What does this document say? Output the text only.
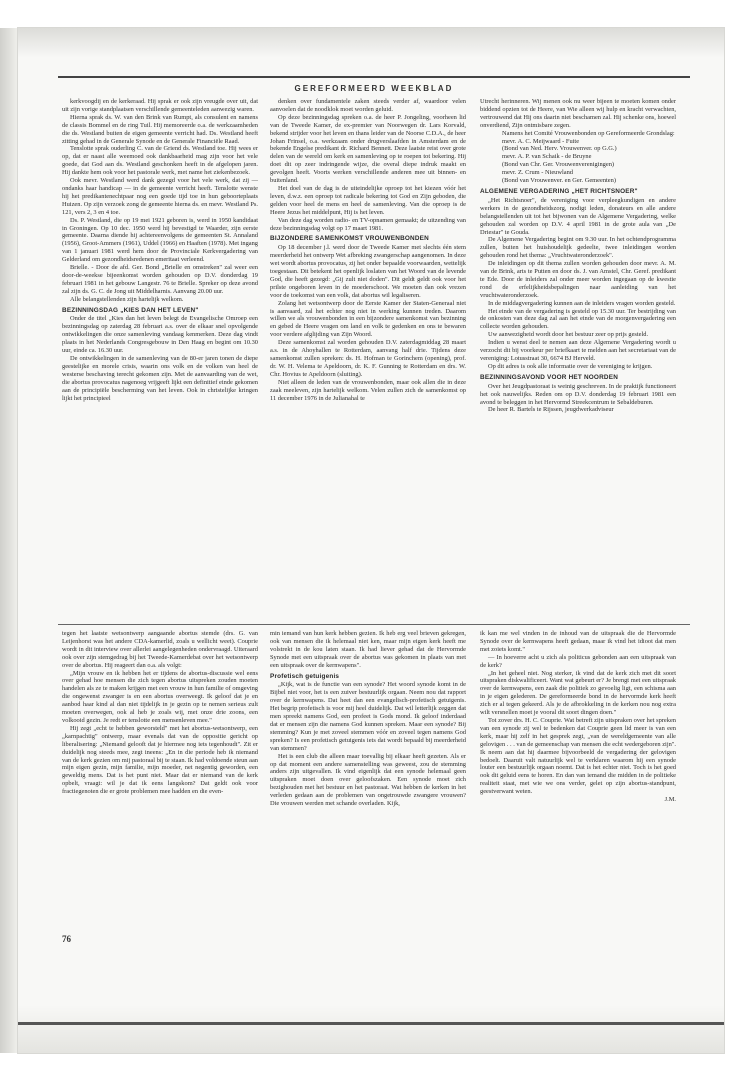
GEREFORMEERD WEEKBLAD

kerkvoogdij en de kerkeraad. Hij sprak er ook zijn vreugde over uit, dat uit zijn vorige standplaatsen verschillende gemeenteleden aanwezig waren.

Hierna sprak ds. W. van den Brink van Rumpt, als consulent en namens de classis Bommel en de ring Tuil. Hij memoreerde o.a. de werkzaamheden die ds. Westland buiten de eigen gemeente verricht had. Ds. Westland heeft zitting gehad in de Generale Synode en de Generale Financiële Raad.

Tenslotte sprak ouderling C. van de Griend ds. Westland toe. Hij wees er op, dat er naast alle weemoed ook dankbaarheid mag zijn voor het vele goede, dat God aan ds. Westland geschonken heeft in de afgelopen jaren. Hij dankte hem ook voor het pastorale werk, met name het ziekenbezoek.

Ook mevr. Westland werd dank gezegd voor het vele werk, dat zij — ondanks haar handicap — in de gemeente verricht heeft. Tenslotte wenste hij het predikantenechtpaar nog een goede tijd toe in hun geboorteplaats Huizen. Op zijn verzoek zong de gemeente hierna ds. en mevr. Westland Ps. 121, vers 2, 3 en 4 toe.

Ds. P. Westland, die op 19 mei 1921 geboren is, werd in 1950 kandidaat in Groningen. Op 10 dec. 1950 werd hij bevestigd te Waarder, zijn eerste gemeente. Daarna diende hij achtereenvolgens de gemeenten St. Annaland (1956), Groot-Ammers (1961), Uddel (1966) en Haaften (1978). Met ingang van 1 januari 1981 werd hem door de Provinciale Kerkvergadering van Gelderland om gezondheidsredenen emeritaat verleend.

Brielle. - Door de afd. Ger. Bond „Brielle en omstreken" zal weer een door-de-weekse bijeenkomst worden gehouden op D.V. donderdag 19 februari 1981 in het gebouw Langestr. 76 te Brielle. Spreker op deze avond zal zijn ds. G. C. de Jong uit Middelharnis. Aanvang 20.00 uur.

Alle belangstellenden zijn hartelijk welkom.

BEZINNINGSDAG „KIES DAN HET LEVEN"

Onder de titel „Kies dan het leven belegt de Evangelische Omroep een bezinningsdag op zaterdag 28 februari a.s. over de elkaar snel opvolgende ontwikkelingen die onze samenleving vandaag kenmerken. Deze dag vindt plaats in het Nederlands Congresgebouw in Den Haag en begint om 10.30 uur, einde ca. 16.30 uur.

De ontwikkelingen in de samenleving van de 80-er jaren tonen de diepe geestelijke en morele crisis, waarin ons volk en de volken van heel de westerse beschaving terecht gekomen zijn. Met de aanvaarding van de wet, die abortus provocatus nagenoeg vrijgeeft lijkt een definitief einde gekomen aan de principiële bescherming van het leven. Ook in christelijke kringen lijkt het principieel

denken over fundamentele zaken steeds verder af, waardoor velen aanvoelen dat de noodklok moet worden geluid.

Op deze bezinningsdag spreken o.a. de heer P. Jongeling, voorheen lid van de Tweede Kamer, de ex-premier van Noorwegen dr. Lars Korvald, bekend strijder voor het leven en thans leider van de Noorse C.D.A., de heer Johan Frinsel, o.a. werkzaam onder drugverslaafden in Amsterdam en de bekende Engelse predikant dr. Richard Bennett. Deze laatste reist over grote delen van de wereld om kerk en samenleving op te roepen tot bekering. Hij doet dit op zeer indringende wijze, die overal diepe indruk maakt en gevolgen heeft. Voorts werken verschillende anderen mee uit binnen- en buitenland.

Het doel van de dag is de uiteindelijke oproep tot het kiezen vóór het leven, d.w.z. een oproep tot radicale bekering tot God en Zijn geboden, die gelden voor heel de mens en heel de samenleving. Van die oproep is de Heere Jezus het middelpunt, Hij is het leven.

Van deze dag worden radio- en TV-opnamen gemaakt; de uitzending van deze bezinningsdag volgt op 17 maart 1981.

BIJZONDERE SAMENKOMST VROUWENBONDEN

Op 18 december j.l. werd door de Tweede Kamer met slechts één stem meerderheid het ontwerp Wet afbreking zwangerschap aangenomen. In deze wet wordt abortus provocatus, zij het onder bepaalde voorwaarden, wettelijk toegestaan. Dit betekent het openlijk loslaten van het Woord van de levende God, die heeft gezegd: „Gij zult niet doden". Dit geldt geldt ook voor het prilste ongeboren leven in de moederschoot. We moeten dan ook vrezen voor de toekomst van een volk, dat abortus wil legaliseren.

Zolang het wetsontwerp door de Eerste Kamer der Staten-Generaal niet is aanvaard, zal het echter nog niet in werking kunnen treden. Daarom willen we als vrouwenbonden in een bijzondere samenkomst van bezinning en gebed de Heere vragen om land en volk te gedenken en ons te bewaren voor verdere afglijding van Zijn Woord.

Deze samenkomst zal worden gehouden D.V. zaterdagmiddag 28 maart a.s. in de Ahoyhallen te Rotterdam, aanvang half drie. Tijdens deze samenkomst zullen spreken: ds. H. Hofman te Gorinchem (opening), prof. dr. W. H. Velema te Apeldoorn, dr. K. F. Gunning te Rotterdam en drs. W. Chr. Hovius te Apeldoorn (sluiting).

Niet alleen de leden van de vrouwenbonden, maar ook allen die in deze zaak meeleven, zijn hartelijk welkom. Velen zullen zich de samenkomst op 11 december 1976 in de Julianahal te

Utrecht herinneren. Wij menen ook nu weer bijeen te moeten komen onder biddend opzien tot de Heere, van Wie alleen wij hulp en kracht verwachten, vertrouwend dat Hij ons daarin niet beschamen zal. Hij schenke ons, hoewel onverdiend, Zijn ontmisbare zegen.

Namens het Comité Vrouwenbonden op Gereformeerde Grondslag:

mevr. A. C. Meijwaard - Fuite

(Bond van Ned. Herv. Vrouwenver. op G.G.)

mevr. A. P. van Schaik - de Bruyne

(Bond van Chr. Ger. Vrouwenverenigingen)

mevr. Z. Crum - Nieuwland

(Bond van Vrouwenver. en Ger. Gemeenten)

ALGEMENE VERGADERING „HET RICHTSNOER"

„Het Richtsnoer", de vereniging voor verpleegkundigen en andere werkers in de gezondheidszorg, nodigt leden, donateurs en alle andere belangstellenden uit tot het bijwonen van de Algemene Vergadering, welke gehouden zal worden op D.V. 4 april 1981 in de grote aula van „De Driestar" te Gouda.

De Algemene Vergadering begint om 9.30 uur. In het ochtendprogramma zullen, buiten het huishoudelijk gedeelte, twee inleidingen worden gehouden rond het thema: „Vruchtwateronderzoek".

De inleidingen op dit thema zullen worden gehouden door mevr. A. M. van de Brink, arts te Putten en door ds. J. van Amstel, Chr. Geref. predikant te Ede. Door de inleiders zal onder meer worden ingegaan op de kwestie rond de erfelijkheidsbepalingen naar aanleiding van het vruchtwateronderzoek.

In de middagvergadering kunnen aan de inleiders vragen worden gesteld.

Het einde van de vergadering is gesteld op 15.30 uur. Ter bestrijding van de onkosten van deze dag zal aan het einde van de morgenvergadering een collecte worden gehouden.

Uw aanwezigheid wordt door het bestuur zeer op prijs gesteld.

Indien u wenst deel te nemen aan deze Algemene Vergadering wordt u verzocht dit bij voorkeur per briefkaart te melden aan het secretariaat van de vereniging: Lotusstraat 30, 6674 BJ Herveld.

Op dit adres is ook alle informatie over de vereniging te krijgen.

BEZINNINGSAVOND VOOR HET NOORDEN

Over het Jeugdpastoraat is weinig geschreven. In de praktijk functioneert het ook nauwelijks. Reden om op D.V. donderdag 19 februari 1981 een avond te beleggen in het Hervormd Streekcentrum te Sebaldeburen.

De heer R. Bartels te Rijssen, jeugdwerkadviseur

tegen het laatste wetsontwerp aangaande abortus stemde (drs. G. van Leijenhorst was het andere CDA-kamerlid, zoals u wellicht weet). Couprie wordt in dit interview over allerlei aangelegenheden ondervraagd. Uiteraard ook over zijn stemgedrag bij het Tweede-Kamerdebat over het wetsontwerp over de abortus. Hij reageert dan o.a. als volgt:

„Mijn vrouw en ik hebben het er tijdens de abortus-discussie wel eens over gehad hoe mensen die zich tegen abortus uitspreken zouden moeten handelen als ze te maken krijgen met een vrouw in hun familie of omgeving die ongewenst zwanger is en een abortus overweegt. Ik geloof dat je en aanbod haar kind al dan niet tijdelijk in je gezin op te nemen serieus zult moeten overwegen, ook al heb je zoals wij, met onze drie zoons, een volkooid gezin. Je redt er tenslotte een mensenleven mee."

Hij zegt „echt te hebben geworsteld" met het abortus-wetsontwerp, een „karnpachtig" ontwerp, maar evenals dat van de oppositie gericht op liberalisering: „Niemand gelooft dat je hiermee nog iets tegenhoudt". Zit er duidelijk nog steeds mee, zegt ineens: „En in die periode heb ik niemand van de kerk gezien om mij pastoraal bij te staan. Ik had voldoende steun aan mijn eigen gezin, mijn familie, mijn moeder, net negentig geworden, een geweldig mens. Dat is het punt niet. Maar dat er niemand van de kerk opbelt, vraagt: wil je dat ik eens langskom? Dat geldt ook voor fractiegenoten die er grote problemen mee hadden en die even-

min iemand van hun kerk hebben gezien. Ik heb erg veel brieven gekregen, ook van mensen die ik helemaal niet ken, maar mijn eigen kerk heeft me volstrekt in de kou laten staan. Ik had liever gehad dat de Hervormde Synode met een uitspraak over de abortus was gekomen in plaats van met een uitspraak over de kernwapens".

Profetisch getuigenis

„Kijk, wat is de functie van een synode? Het woord synode komt in de Bijbel niet voor, het is een zuiver bestuurlijk orgaan. Neem nou dat rapport over de kernwapens. Dat heet dan een evangelisch-profetisch getuigenis. Het begrip profetisch is voor mij heel duidelijk. Dat wil letterlijk zeggen dat men spreekt namens God, een profeet is Gods mond. Ik geloof inderdaad dat er mensen zijn die namens God kunnen spreken. Maar een synode? Bij stemming? Kun je met zoveel stemmen vóór en zoveel tegen namens God spreken? Is een profetisch getuigenis iets dat wordt bepaald bij meerderheid van stemmen?

Het is een club die alleen maar toevallig bij elkaar heeft gezeten. Als er op dat moment een andere samenstelling was geweest, zou de stemming anders zijn uitgevallen. Ik vind eigenlijk dat een synode helemaal geen uitspraken moet doen over geloofszaken. Een synode moet zich bezighouden met het bestuur en het pastoraat. Wat hebben de kerken in het verleden gedaan aan de problemen van ongetrouwde zwangere vrouwen? Die vrouwen werden met schande overladen. Kijk,

ik kan me wel vinden in de inhoud van de uitspraak die de Hervormde Synode over de kernwapens heeft gedaan, maar ik vind het idioot dat men met zoiets komt."

— In hoeverre acht u zich als politicus gebonden aan een uitspraak van de kerk?

„In het geheel niet. Nog sterker, ik vind dat de kerk zich met dit soort uitspraken diskwalificeert. Want wat gebeurt er? Je brengt met een uitspraak over de kernwapens, een zaak die politiek zo gevoelig ligt, een schisma aan in je eigen gelederen. De gereformeerde bond in de hervormde kerk heeft zich er al tegen gekeerd. Als je de afbrokkeling in de kerken nou nog extra wilt versnellen moet je vooral dit soort dingen doen."

Tot zover drs. H. C. Couprie. Wat betreft zijn uitspraken over het spreken van een synode zij wel te bedenken dat Couprie geen lid meer is van een kerk, maar hij zelf in het gesprek zegt, „van de wereldgemeente van alle gelovigen . . . van de gemeenschap van mensen die echt wedergeboren zijn". Ik neem aan dat hij daarmee bijvoorbeeld de vergadering der gelovigen bedoelt. Daaruit valt natuurlijk wel te verklaren waarom hij een synode louter een bestuurlijk orgaan noemt. Dat is het echter niet. Toch is het goed ook dit geluid eens te horen. En dan van iemand die midden in de politieke realiteit staat, met wie we ons verder, gelet op zijn abortus-standpunt, geestverwant weten.

J.M.

76
